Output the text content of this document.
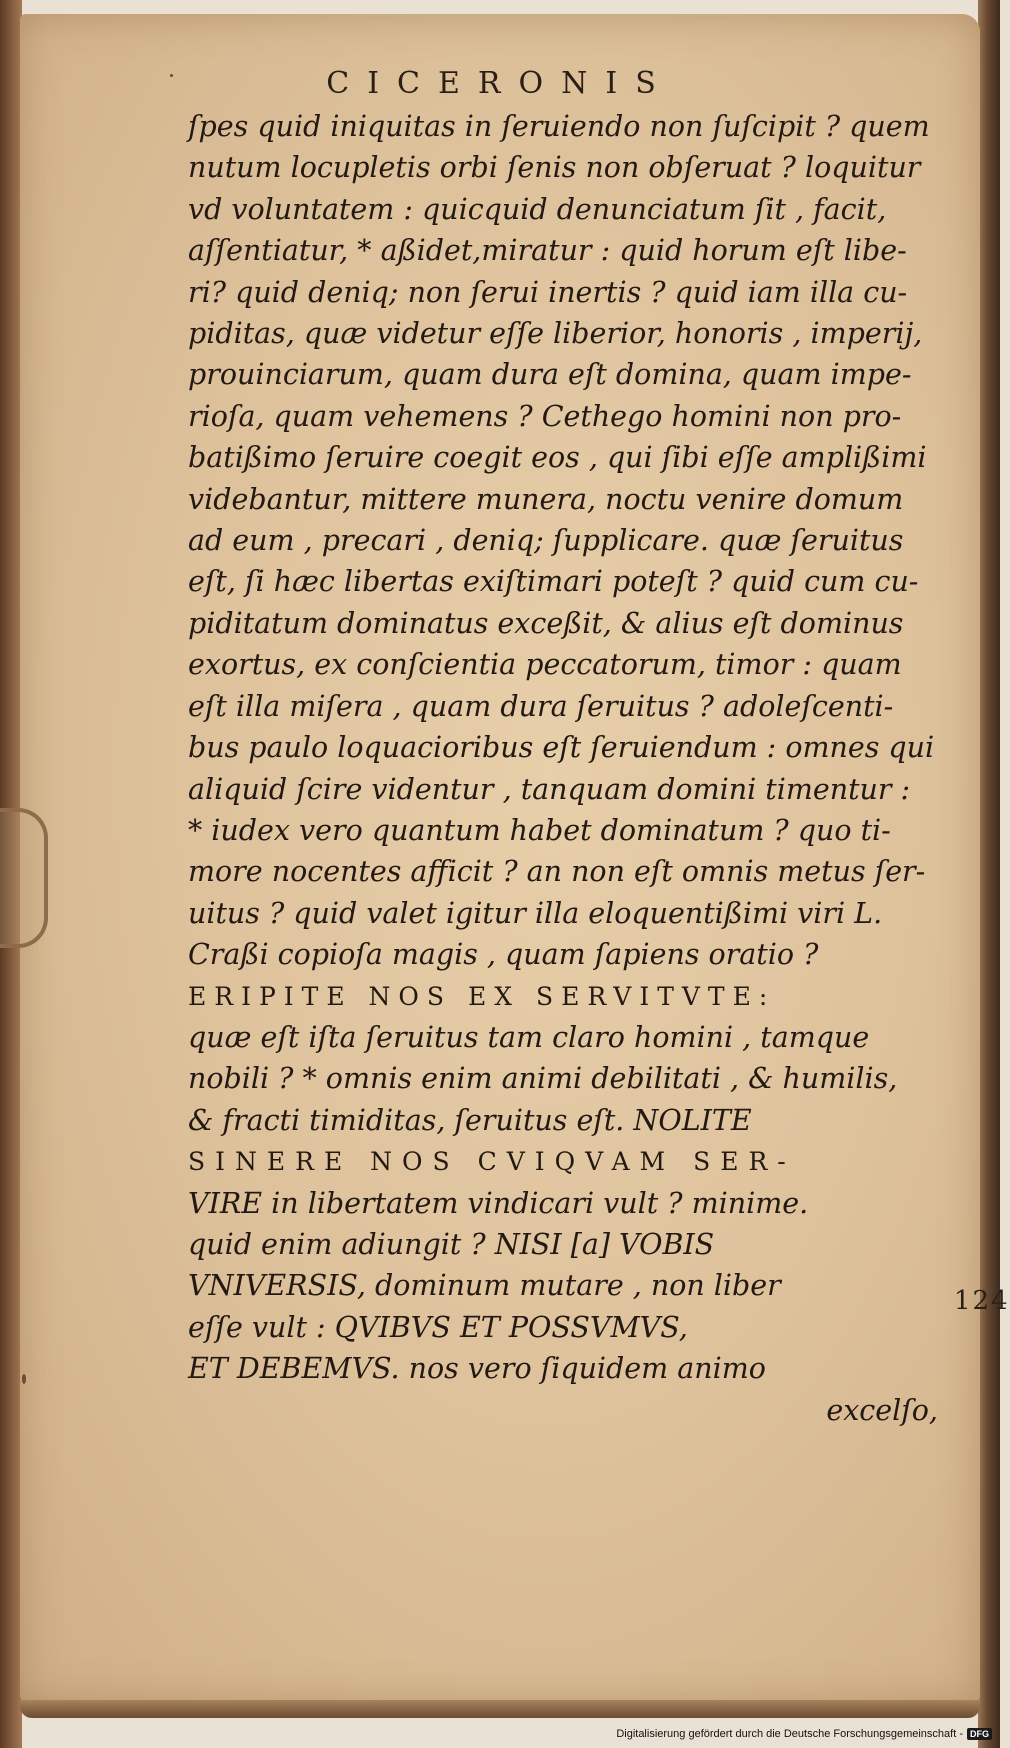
CICERONIS
ſpes quid iniquitas in ſeruiendo non ſuſcipit ? quem
nutum locupletis orbi ſenis non obſeruat ? loquitur
vd voluntatem : quicquid denunciatum ſit , facit,
aſſentiatur, * aßidet,miratur : quid horum eſt libe-
ri? quid deniq; non ſerui inertis ? quid iam illa cu-
piditas, quæ videtur eſſe liberior, honoris , imperij,
prouinciarum, quam dura eſt domina, quam impe-
rioſa, quam vehemens ? Cethego homini non pro-
batißimo ſeruire coegit eos , qui ſibi eſſe amplißimi
videbantur, mittere munera, noctu venire domum
ad eum , precari , deniq; ſupplicare. quæ ſeruitus
eſt, ſi hæc libertas exiſtimari poteſt ? quid cum cu-
piditatum dominatus exceßit, & alius eſt dominus
exortus, ex conſcientia peccatorum, timor : quam
eſt illa miſera , quam dura ſeruitus ? adoleſcenti-
bus paulo loquacioribus eſt ſeruiendum : omnes qui
aliquid ſcire videntur , tanquam domini timentur :
* iudex vero quantum habet dominatum ? quo ti-
more nocentes afficit ? an non eſt omnis metus ſer-
uitus ? quid valet igitur illa eloquentißimi viri L.
Craßi copioſa magis , quam ſapiens oratio ?
ERIPITE NOS EX SERVITVTE:
quæ eſt iſta ſeruitus tam claro homini , tamque
nobili ? * omnis enim animi debilitati , & humilis,
& fracti timiditas, ſeruitus eſt. NOLITE
SINERE NOS CVIQVAM SER-
VIRE in libertatem vindicari vult ? minime.
quid enim adiungit ? NISI [a] VOBIS
VNIVERSIS, dominum mutare , non liber
eſſe vult : QVIBVS ET POSSVMVS,
ET DEBEMVS. nos vero ſiquidem animo
excelſo,
124
Digitalisierung gefördert durch die Deutsche Forschungsgemeinschaft - DFG
